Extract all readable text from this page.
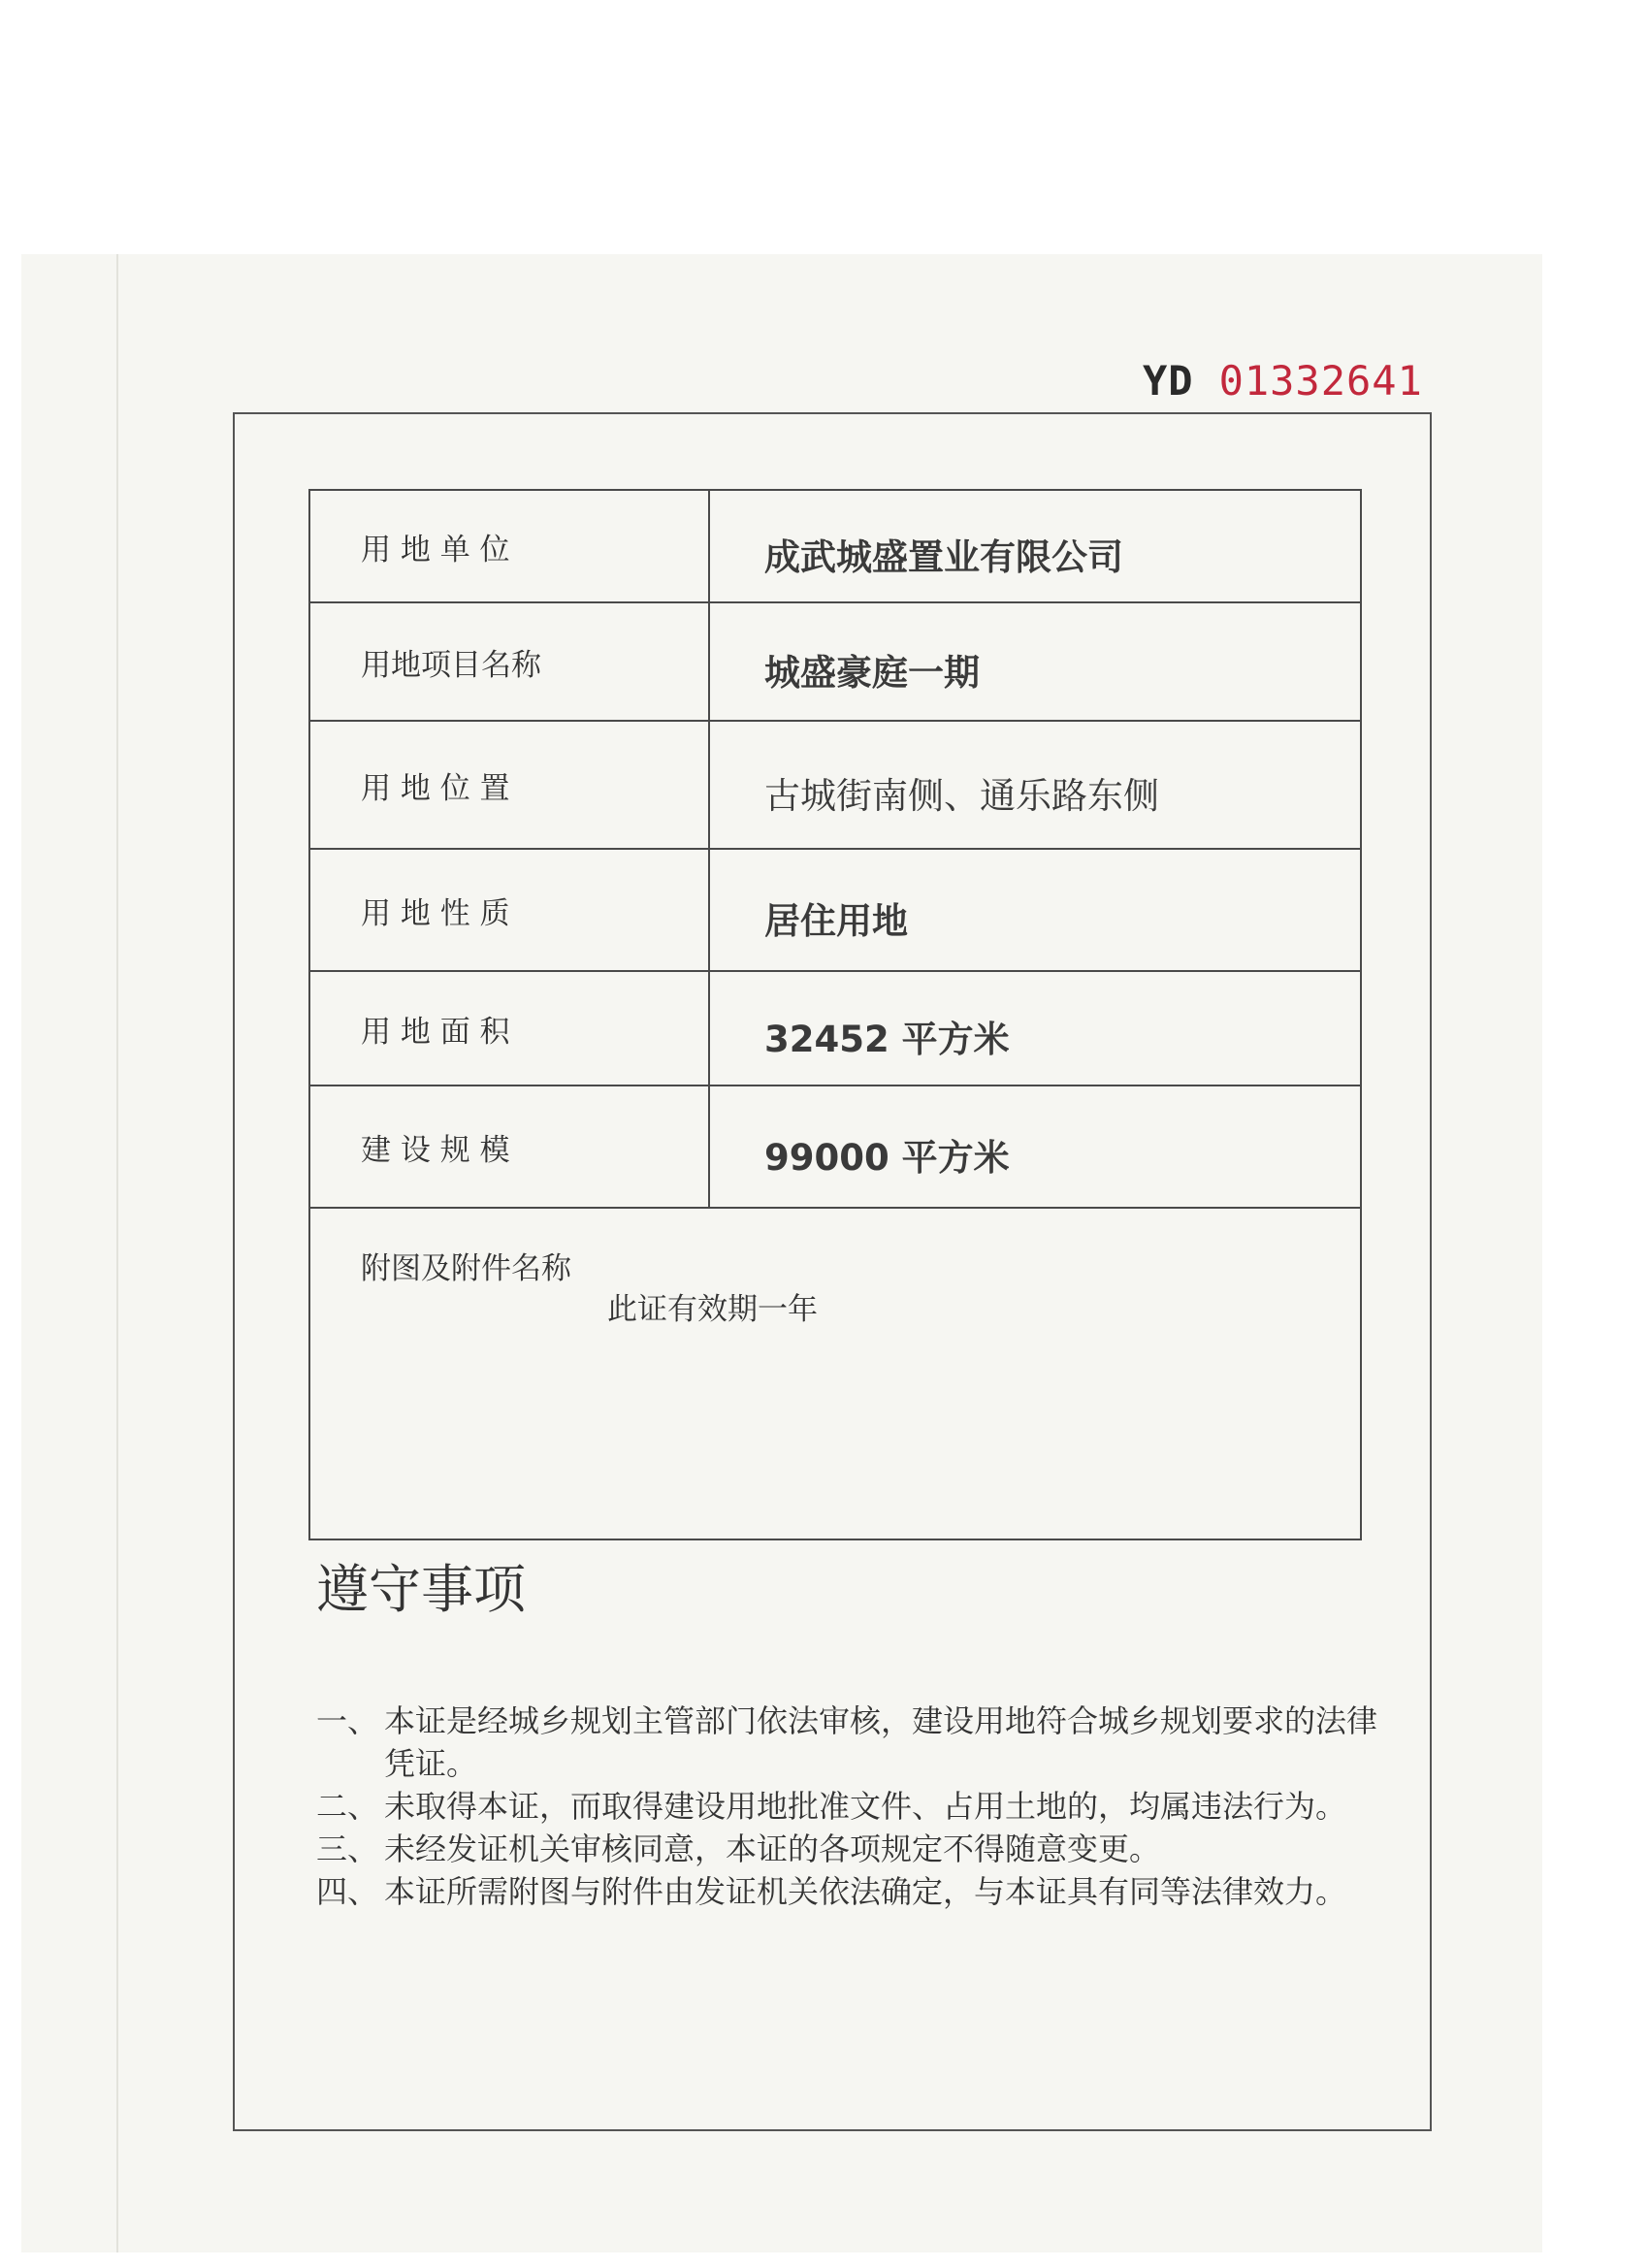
YD 01332641
用 地 单 位	成武城盛置业有限公司
用地项目名称	城盛豪庭一期
用 地 位 置	古城街南侧、通乐路东侧
用 地 性 质	居住用地
用 地 面 积	32452 平方米
建 设 规 模	99000 平方米

附图及附件名称
此证有效期一年	
遵守事项
一、 本证是经城乡规划主管部门依法审核，建设用地符合城乡规划要求的法律凭证。
二、 未取得本证，而取得建设用地批准文件、占用土地的，均属违法行为。
三、 未经发证机关审核同意，本证的各项规定不得随意变更。
四、 本证所需附图与附件由发证机关依法确定，与本证具有同等法律效力。
